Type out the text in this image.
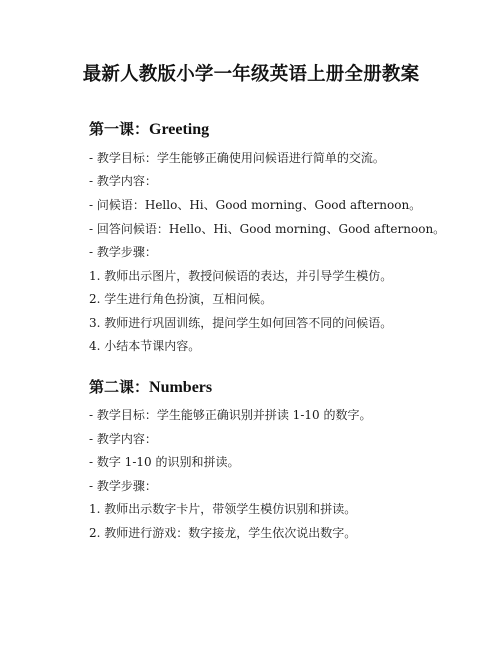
最新人教版小学一年级英语上册全册教案
第一课：Greeting
- 教学目标：学生能够正确使用问候语进行简单的交流。
- 教学内容：
- 问候语：Hello、Hi、Good morning、Good afternoon。
- 回答问候语：Hello、Hi、Good morning、Good afternoon。
- 教学步骤：
1. 教师出示图片，教授问候语的表达，并引导学生模仿。
2. 学生进行角色扮演，互相问候。
3. 教师进行巩固训练，提问学生如何回答不同的问候语。
4. 小结本节课内容。
第二课：Numbers
- 教学目标：学生能够正确识别并拼读 1-10 的数字。
- 教学内容：
- 数字 1-10 的识别和拼读。
- 教学步骤：
1. 教师出示数字卡片，带领学生模仿识别和拼读。
2. 教师进行游戏：数字接龙，学生依次说出数字。
